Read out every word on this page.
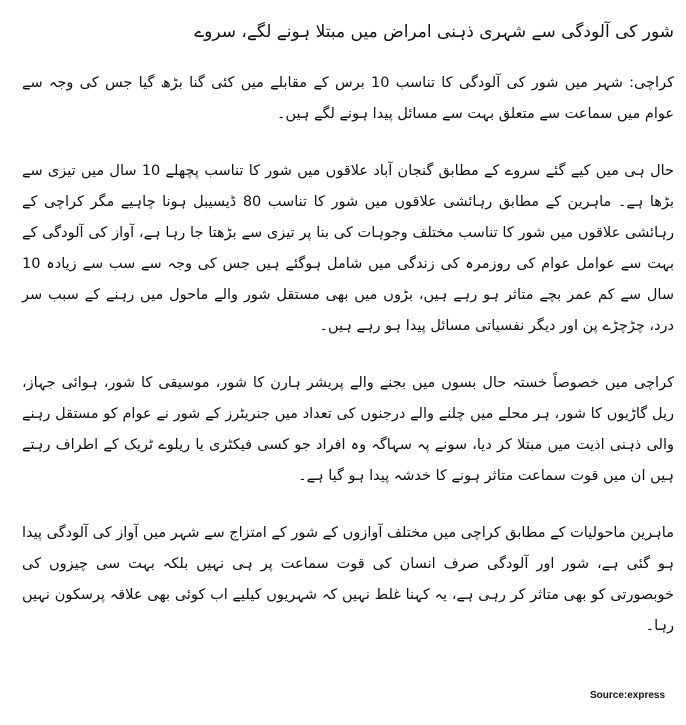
شور کی آلودگی سے شہری ذہنی امراض میں مبتلا ہونے لگے، سروے

کراچی: شہر میں شور کی آلودگی کا تناسب 10 برس کے مقابلے میں کئی گنا بڑھ گیا جس کی وجہ سے عوام میں سماعت سے متعلق بہت سے مسائل پیدا ہونے لگے ہیں۔

حال ہی میں کیے گئے سروے کے مطابق گنجان آباد علاقوں میں شور کا تناسب پچھلے 10 سال میں تیزی سے بڑھا ہے۔ ماہرین کے مطابق رہائشی علاقوں میں شور کا تناسب 80 ڈیسیبل ہونا چاہیے مگر کراچی کے رہائشی علاقوں میں شور کا تناسب مختلف وجوہات کی بنا پر تیزی سے بڑھتا جا رہا ہے، آواز کی آلودگی کے بہت سے عوامل عوام کی روزمرہ کی زندگی میں شامل ہوگئے ہیں جس کی وجہ سے سب سے زیادہ 10 سال سے کم عمر بچے متاثر ہو رہے ہیں، بڑوں میں بھی مستقل شور والے ماحول میں رہنے کے سبب سر درد، چڑچڑے پن اور دیگر نفسیاتی مسائل پیدا ہو رہے ہیں۔

کراچی میں خصوصاً خستہ حال بسوں میں بجنے والے پریشر ہارن کا شور، موسیقی کا شور، ہوائی جہاز، ریل گاڑیوں کا شور، ہر محلے میں چلنے والے درجنوں کی تعداد میں جنریٹرز کے شور نے عوام کو مستقل رہنے والی ذہنی اذیت میں مبتلا کر دیا، سونے پہ سہاگہ وہ افراد جو کسی فیکٹری یا ریلوے ٹریک کے اطراف رہتے ہیں ان میں قوت سماعت متاثر ہونے کا خدشہ پیدا ہو گیا ہے۔

ماہرین ماحولیات کے مطابق کراچی میں مختلف آوازوں کے شور کے امتزاج سے شہر میں آواز کی آلودگی پیدا ہو گئی ہے، شور اور آلودگی صرف انسان کی قوت سماعت پر ہی نہیں بلکہ بہت سی چیزوں کی خوبصورتی کو بھی متاثر کر رہی ہے، یہ کہنا غلط نہیں کہ شہریوں کیلیے اب کوئی بھی علاقہ پرسکون نہیں رہا۔

Source:express
